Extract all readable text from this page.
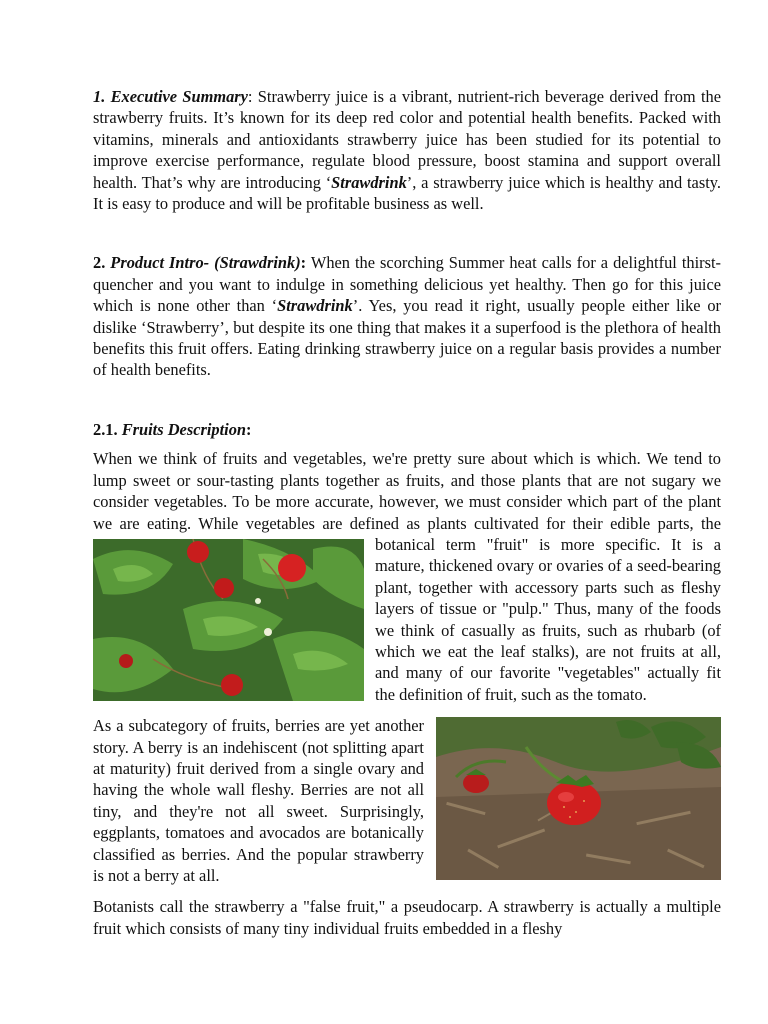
1. Executive Summary: Strawberry juice is a vibrant, nutrient-rich beverage derived from the strawberry fruits. It’s known for its deep red color and potential health benefits. Packed with vitamins, minerals and antioxidants strawberry juice has been studied for its potential to improve exercise performance, regulate blood pressure, boost stamina and support overall health. That’s why are introducing ‘Strawdrink’, a strawberry juice which is healthy and tasty. It is easy to produce and will be profitable business as well.

2. Product Intro- (Strawdrink): When the scorching Summer heat calls for a delightful thirst-quencher and you want to indulge in something delicious yet healthy. Then go for this juice which is none other than ‘Strawdrink’. Yes, you read it right, usually people either like or dislike ‘Strawberry’, but despite its one thing that makes it a superfood is the plethora of health benefits this fruit offers. Eating drinking strawberry juice on a regular basis provides a number of health benefits.

2.1. Fruits Description:

When we think of fruits and vegetables, we're pretty sure about which is which. We tend to lump sweet or sour-tasting plants together as fruits, and those plants that are not sugary we consider vegetables. To be more accurate, however, we must consider which part of the plant we are eating. While vegetables are defined as plants cultivated for their edible parts, the botanical term "fruit" is more specific. It is a mature, thickened ovary or ovaries of a seed-bearing plant, together with accessory parts such as fleshy layers of tissue or "pulp." Thus, many of the foods we think of casually as fruits, such as rhubarb (of which we eat the leaf stalks), are not fruits at all, and many of our favorite "vegetables" actually fit the definition of fruit, such as the tomato.

As a subcategory of fruits, berries are yet another story. A berry is an indehiscent (not splitting apart at maturity) fruit derived from a single ovary and having the whole wall fleshy. Berries are not all tiny, and they're not all sweet. Surprisingly, eggplants, tomatoes and avocados are botanically classified as berries. And the popular strawberry is not a berry at all.

Botanists call the strawberry a "false fruit," a pseudocarp. A strawberry is actually a multiple fruit which consists of many tiny individual fruits embedded in a fleshy
